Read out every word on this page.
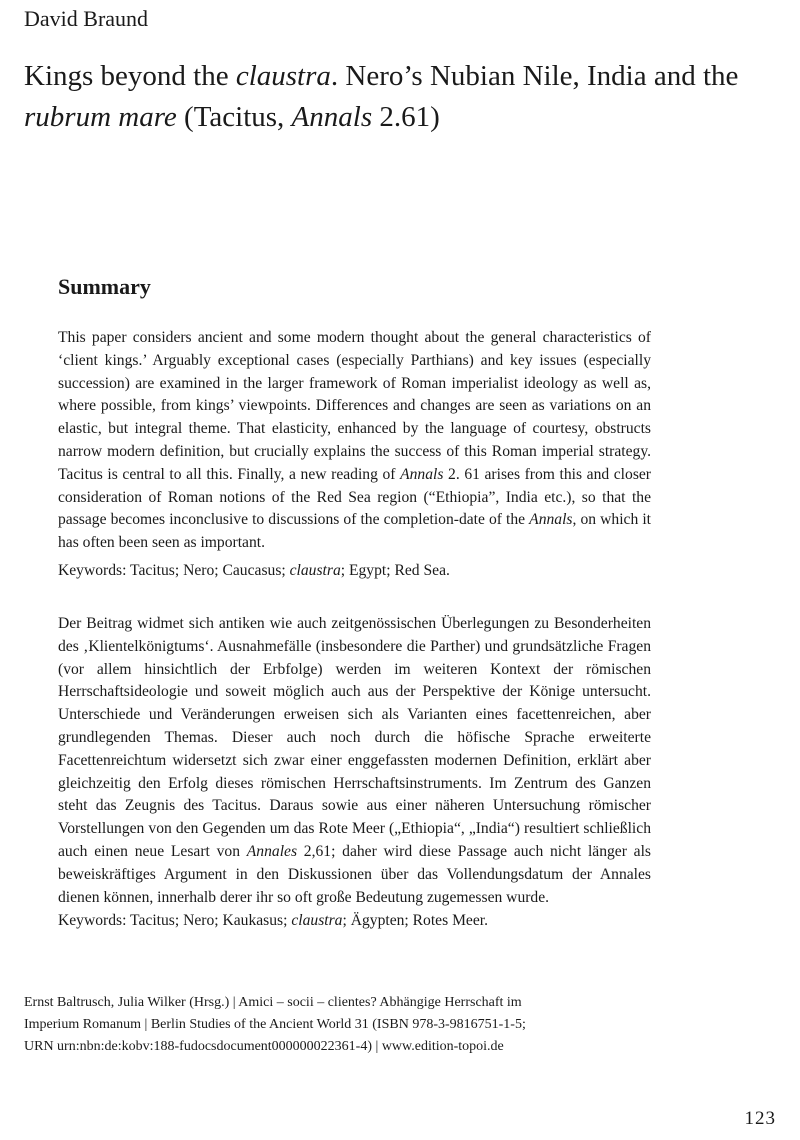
David Braund
Kings beyond the claustra. Nero’s Nubian Nile, India and the rubrum mare (Tacitus, Annals 2.61)
Summary

This paper considers ancient and some modern thought about the general characteristics of ‘client kings.’ Arguably exceptional cases (especially Parthians) and key issues (especially succession) are examined in the larger framework of Roman imperialist ideology as well as, where possible, from kings’ viewpoints. Differences and changes are seen as variations on an elastic, but integral theme. That elasticity, enhanced by the language of courtesy, obstructs narrow modern definition, but crucially explains the success of this Roman imperial strategy. Tacitus is central to all this. Finally, a new reading of Annals 2. 61 arises from this and closer consideration of Roman notions of the Red Sea region (“Ethiopia”, India etc.), so that the passage becomes inconclusive to discussions of the completion-date of the Annals, on which it has often been seen as important.

Keywords: Tacitus; Nero; Caucasus; claustra; Egypt; Red Sea.

Der Beitrag widmet sich antiken wie auch zeitgenössischen Überlegungen zu Besonderheiten des ‚Klientelkönigtums‘. Ausnahmefälle (insbesondere die Parther) und grundsätzliche Fragen (vor allem hinsichtlich der Erbfolge) werden im weiteren Kontext der römischen Herrschaftsideologie und soweit möglich auch aus der Perspektive der Könige untersucht. Unterschiede und Veränderungen erweisen sich als Varianten eines facettenreichen, aber grundlegenden Themas. Dieser auch noch durch die höfische Sprache erweiterte Facettenreichtum widersetzt sich zwar einer enggefassten modernen Definition, erklärt aber gleichzeitig den Erfolg dieses römischen Herrschaftsinstruments. Im Zentrum des Ganzen steht das Zeugnis des Tacitus. Daraus sowie aus einer näheren Untersuchung römischer Vorstellungen von den Gegenden um das Rote Meer („Ethiopia“, „India“) resultiert schließlich auch einen neue Lesart von Annales 2,61; daher wird diese Passage auch nicht länger als beweiskräftiges Argument in den Diskussionen über das Vollendungsdatum der Annales dienen können, innerhalb derer ihr so oft große Bedeutung zugemessen wurde.

Keywords: Tacitus; Nero; Kaukasus; claustra; Ägypten; Rotes Meer.

Ernst Baltrusch, Julia Wilker (Hrsg.) | Amici – socii – clientes? Abhängige Herrschaft im
Imperium Romanum | Berlin Studies of the Ancient World 31 (ISBN 978-3-9816751-1-5;
URN urn:nbn:de:kobv:188-fudocsdocument000000022361-4) | www.edition-topoi.de
123
